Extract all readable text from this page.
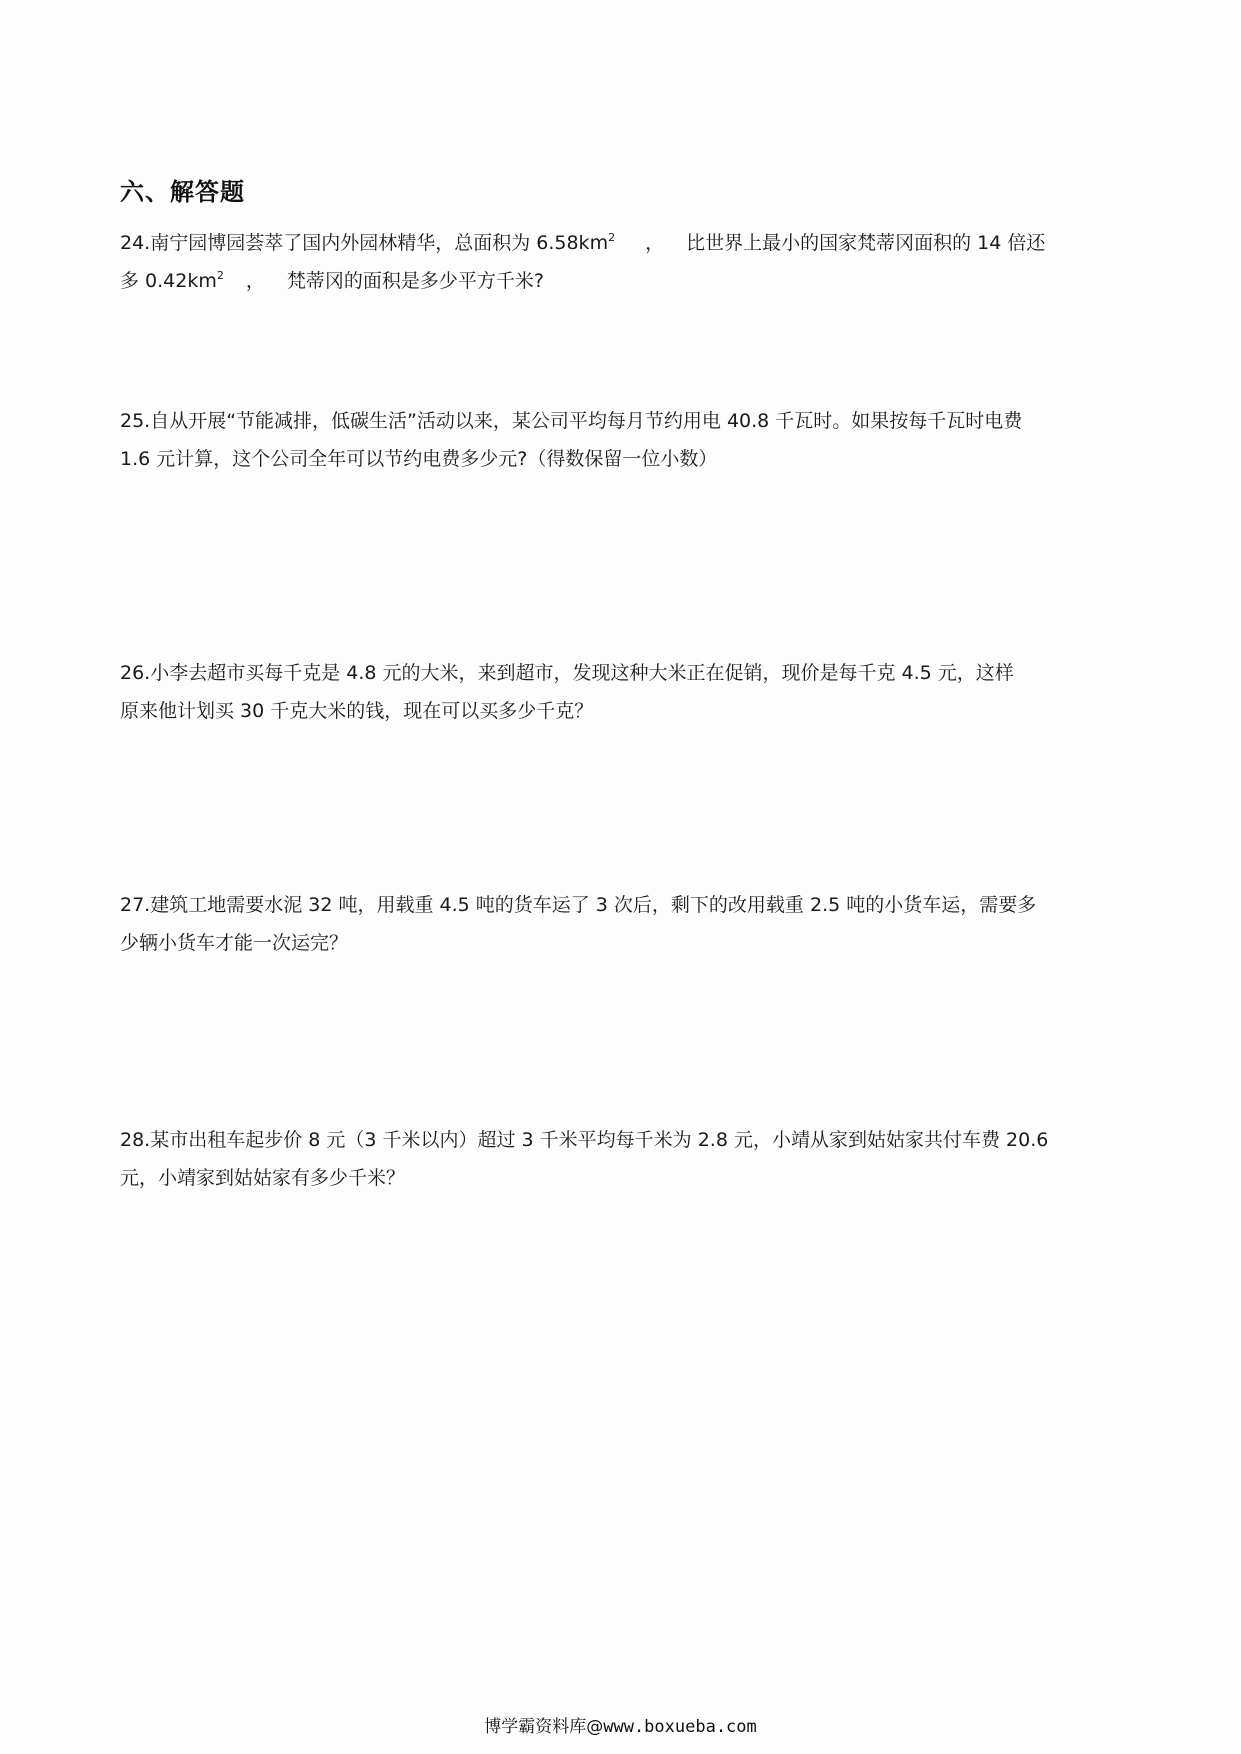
六、解答题
24.南宁园博园荟萃了国内外园林精华，总面积为 $6.58km^2$ ， 比世界上最小的国家梵蒂冈面积的 14 倍还
多 $0.42km^2$ ， 梵蒂冈的面积是多少平方千米?
25.自从开展“节能减排，低碳生活”活动以来，某公司平均每月节约用电 40.8 千瓦时。如果按每千瓦时电费
1.6 元计算，这个公司全年可以节约电费多少元?（得数保留一位小数）
26.小李去超市买每千克是 4.8 元的大米，来到超市，发现这种大米正在促销，现价是每千克 4.5 元，这样
原来他计划买 30 千克大米的钱，现在可以买多少千克？
27.建筑工地需要水泥 32 吨，用载重 4.5 吨的货车运了 3 次后，剩下的改用载重 2.5 吨的小货车运，需要多
少辆小货车才能一次运完？
28.某市出租车起步价 8 元（3 千米以内）超过 3 千米平均每千米为 2.8 元，小靖从家到姑姑家共付车费 20.6
元，小靖家到姑姑家有多少千米？
博学霸资料库@www.boxueba.com
